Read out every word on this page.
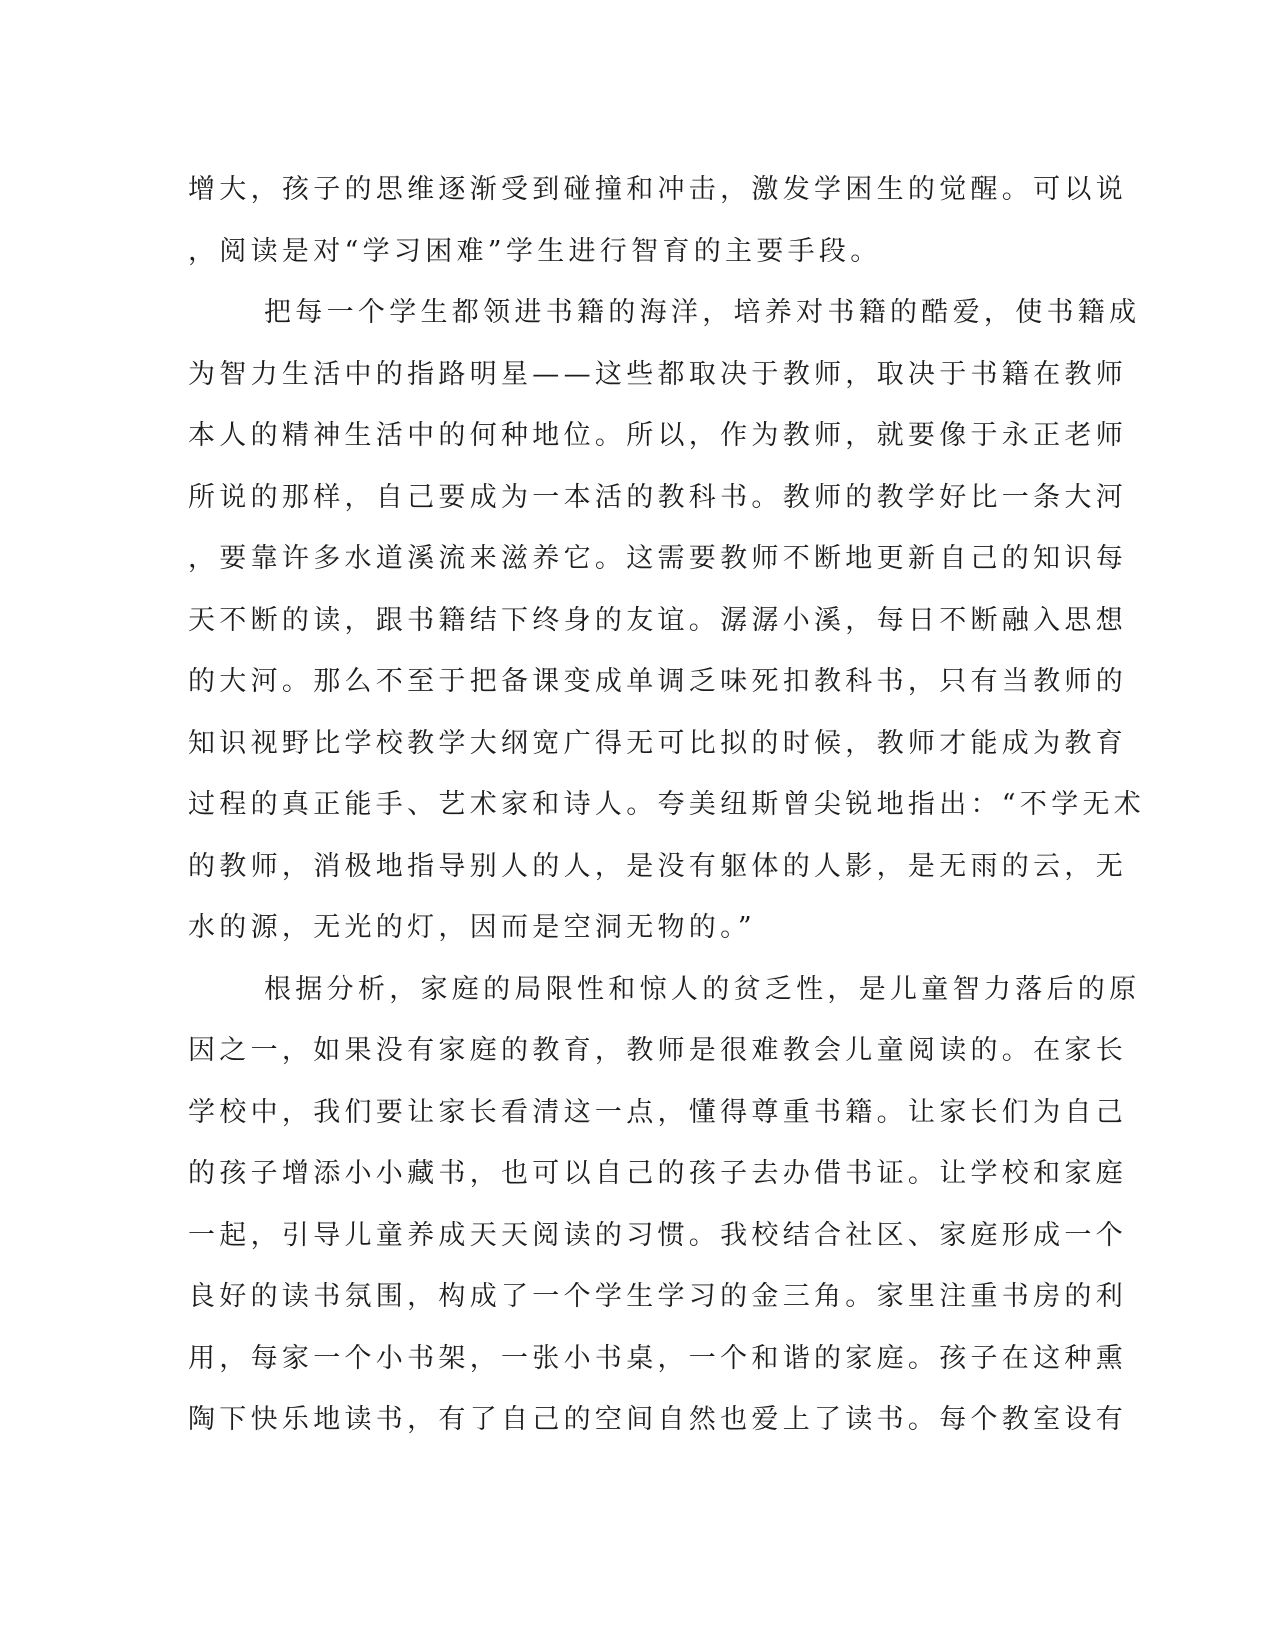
增大，孩子的思维逐渐受到碰撞和冲击，激发学困生的觉醒。可以说
，阅读是对“学习困难”学生进行智育的主要手段。
把每一个学生都领进书籍的海洋，培养对书籍的酷爱，使书籍成
为智力生活中的指路明星——这些都取决于教师，取决于书籍在教师
本人的精神生活中的何种地位。所以，作为教师，就要像于永正老师
所说的那样，自己要成为一本活的教科书。教师的教学好比一条大河
，要靠许多水道溪流来滋养它。这需要教师不断地更新自己的知识每
天不断的读，跟书籍结下终身的友谊。潺潺小溪，每日不断融入思想
的大河。那么不至于把备课变成单调乏味死扣教科书，只有当教师的
知识视野比学校教学大纲宽广得无可比拟的时候，教师才能成为教育
过程的真正能手、艺术家和诗人。夸美纽斯曾尖锐地指出：“不学无术
的教师，消极地指导别人的人，是没有躯体的人影，是无雨的云，无
水的源，无光的灯，因而是空洞无物的。”
根据分析，家庭的局限性和惊人的贫乏性，是儿童智力落后的原
因之一，如果没有家庭的教育，教师是很难教会儿童阅读的。在家长
学校中，我们要让家长看清这一点，懂得尊重书籍。让家长们为自己
的孩子增添小小藏书，也可以自己的孩子去办借书证。让学校和家庭
一起，引导儿童养成天天阅读的习惯。我校结合社区、家庭形成一个
良好的读书氛围，构成了一个学生学习的金三角。家里注重书房的利
用，每家一个小书架，一张小书桌，一个和谐的家庭。孩子在这种熏
陶下快乐地读书，有了自己的空间自然也爱上了读书。每个教室设有
